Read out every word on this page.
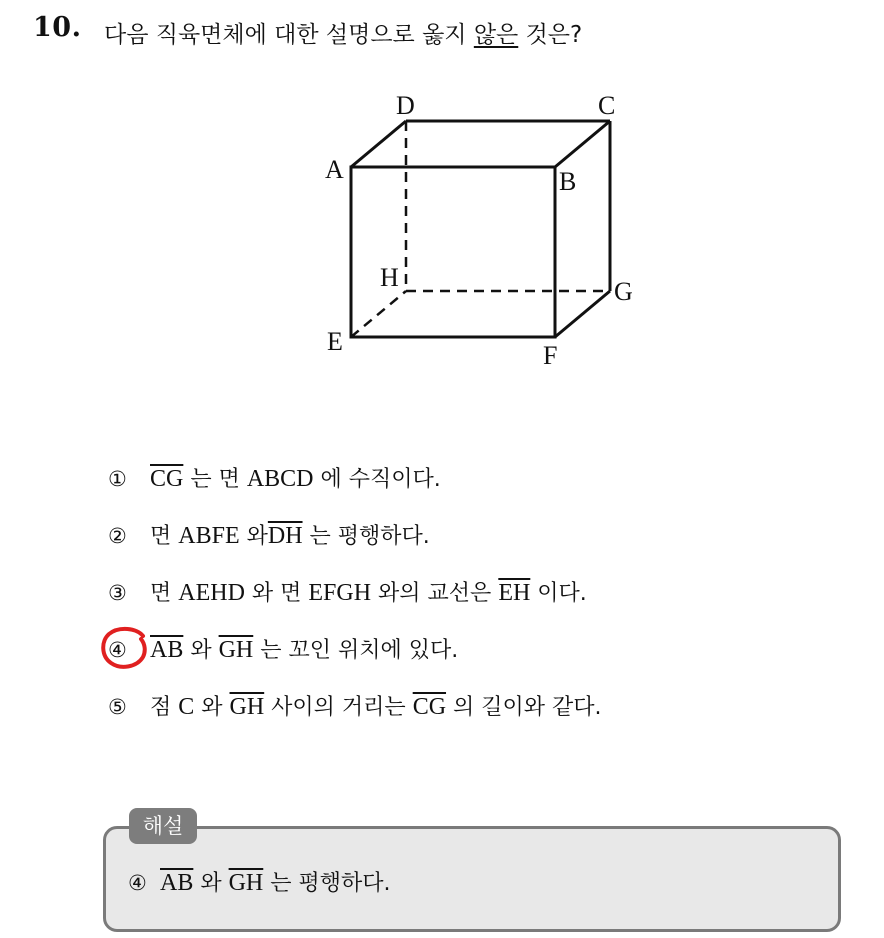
10. 다음 직육면체에 대한 설명으로 옳지 않은 것은?
A	B
C
D
E	F
G
H
① $\overline{CG}$ 는 면 ABCD 에 수직이다.
② 면 ABFE 와$\overline{DH}$ 는 평행하다.
③ 면 AEHD 와 면 EFGH 와의 교선은 $\overline{EH}$ 이다.
④ $\overline{AB}$ 와 $\overline{GH}$ 는 꼬인 위치에 있다.
⑤ 점 C 와 $\overline{GH}$ 사이의 거리는 $\overline{CG}$ 의 길이와 같다.
해설
④ $\overline{AB}$ 와 $\overline{GH}$ 는 평행하다.
